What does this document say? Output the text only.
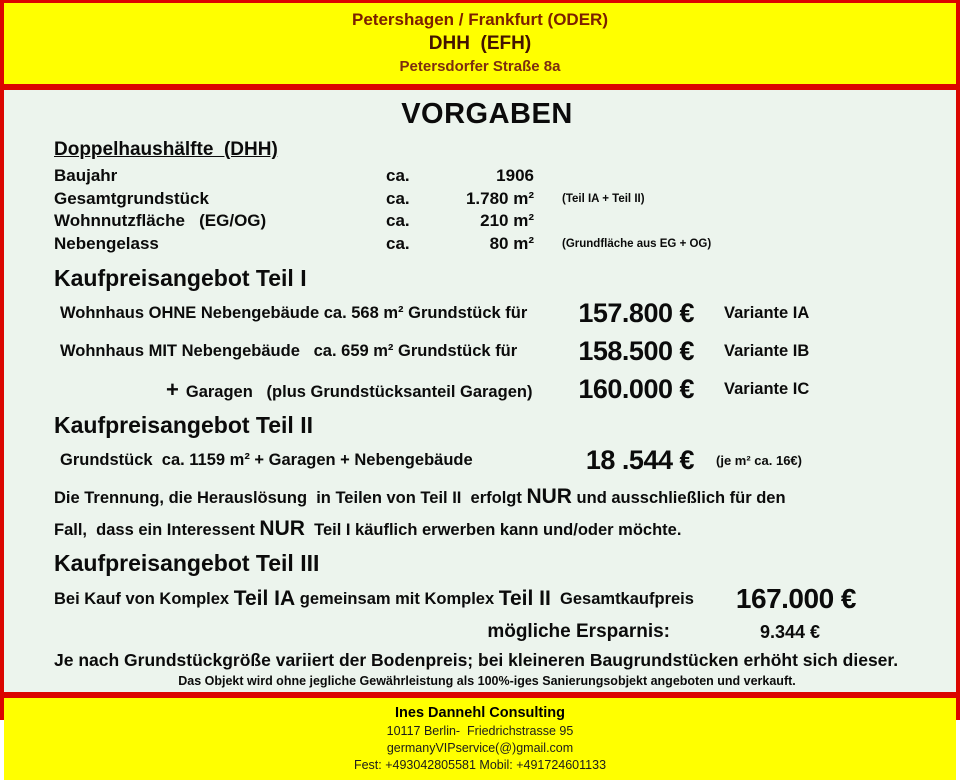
Petershagen / Frankfurt (ODER)
DHH  (EFH)
Petersdorfer Straße 8a
VORGABEN
Doppelhaushälfte  (DHH)
Baujahr	ca.	1906
Gesamtgrundstück	ca.	1.780 m²	(Teil IA + Teil II)
Wohnnutzfläche   (EG/OG)	ca.	210 m²
Nebengelass	ca.	80 m²	(Grundfläche aus EG + OG)
Kaufpreisangebot Teil I
Wohnhaus OHNE Nebengebäude ca. 568 m² Grundstück für	157.800 €	Variante IA
Wohnhaus MIT Nebengebäude   ca. 659 m² Grundstück für	158.500 €	Variante IB
+ Garagen   (plus Grundstücksanteil Garagen)	160.000 €	Variante IC
Kaufpreisangebot Teil II
Grundstück  ca. 1159 m² + Garagen + Nebengebäude	18 .544 €	(je m² ca. 16€)
Die Trennung, die Herauslösung  in Teilen von Teil II  erfolgt NUR und ausschließlich für den
Fall,  dass ein Interessent NUR  Teil I käuflich erwerben kann und/oder möchte.
Kaufpreisangebot Teil III
Bei Kauf von Komplex Teil IA gemeinsam mit Komplex Teil II Gesamtkaufpreis 167.000 €
mögliche Ersparnis:	9.344 €
Je nach Grundstückgröße variiert der Bodenpreis; bei kleineren Baugrundstücken erhöht sich dieser.
Das Objekt wird ohne jegliche Gewährleistung als 100%-iges Sanierungsobjekt angeboten und verkauft.
Ines Dannehl Consulting
10117 Berlin-  Friedrichstrasse 95
germanyVIPservice(@)gmail.com
Fest: +493042805581 Mobil: +491724601133
